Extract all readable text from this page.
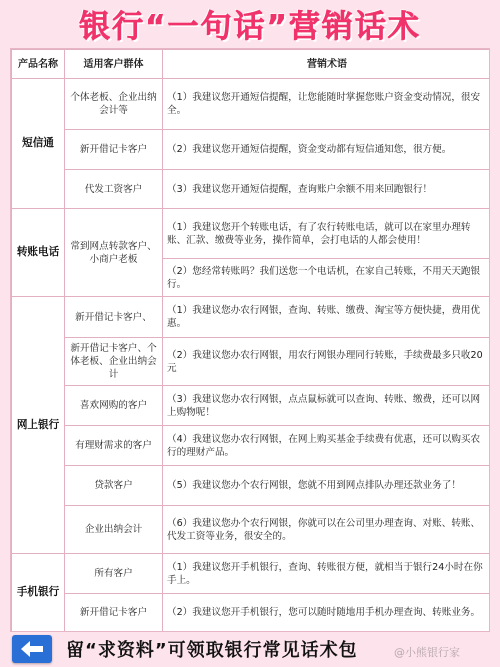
银行“一句话”营销话术
产品名称	适用客户群体	营销术语
短信通	个体老板、企业出纳会计等	（1）我建议您开通短信提醒，让您能随时掌握您账户资金变动情况，很安全。
	新开借记卡客户	（2）我建议您开通短信提醒，资金变动都有短信通知您，很方便。
	代发工资客户	（3）我建议您开通短信提醒，查询账户余额不用来回跑银行！
转账电话	常到网点转款客户、小商户老板	（1）我建议您开个转账电话，有了农行转账电话，就可以在家里办理转账、汇款、缴费等业务，操作简单，会打电话的人都会使用！
		（2）您经常转账吗？我们送您一个电话机，在家自己转账，不用天天跑银行。
网上银行	新开借记卡客户、	（1）我建议您办农行网银，查询、转账、缴费、淘宝等方便快捷，费用优惠。
	新开借记卡客户、个体老板、企业出纳会计	（2）我建议您办农行网银，用农行网银办理同行转账，手续费最多只收20元
	喜欢网购的客户	（3）我建议您办农行网银，点点鼠标就可以查询、转账、缴费，还可以网上购物呢！
	有理财需求的客户	（4）我建议您办农行网银，在网上购买基金手续费有优惠，还可以购买农行的理财产品。
	贷款客户	（5）我建议您办个农行网银，您就不用到网点排队办理还款业务了！
	企业出纳会计	（6）我建议您办个农行网银，你就可以在公司里办理查询、对账、转账、代发工资等业务，很安全的。
手机银行	所有客户	（1）我建议您开手机银行，查询、转账很方便，就相当于银行24小时在你手上。
	新开借记卡客户	（2）我建议您开手机银行，您可以随时随地用手机办理查询、转账业务。
留“求资料”可领取银行常见话术包	@小熊银行家
